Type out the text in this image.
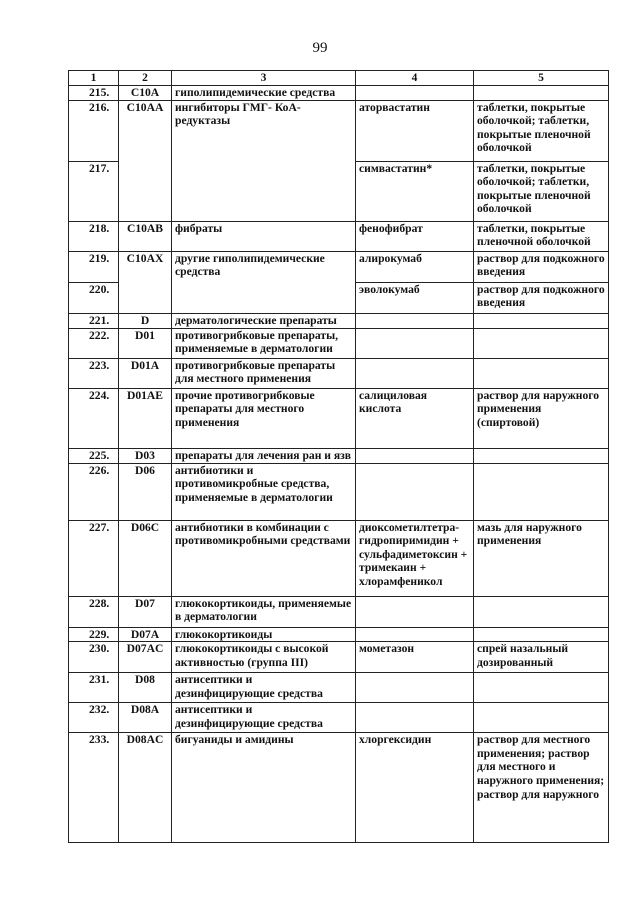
99
1	2	3	4	5
215.	C10A	гиполипидемические средства		
216.	C10AA	ингибиторы ГМГ- КоА-редуктазы	аторвастатин	таблетки, покрытые оболочкой; таблетки, покрытые пленочной оболочкой
217.			симвастатин*	таблетки, покрытые оболочкой; таблетки, покрытые пленочной оболочкой
218.	C10AB	фибраты	фенофибрат	таблетки, покрытые пленочной оболочкой
219.	C10AX	другие гиполипидемические средства	алирокумаб	раствор для подкожного введения
220.			эволокумаб	раствор для подкожного введения
221.	D	дерматологические препараты		
222.	D01	противогрибковые препараты, применяемые в дерматологии		
223.	D01A	противогрибковые препараты для местного применения		
224.	D01AE	прочие противогрибковые препараты для местного применения	салициловая кислота	раствор для наружного применения (спиртовой)
225.	D03	препараты для лечения ран и язв		
226.	D06	антибиотики и противомикробные средства, применяемые в дерматологии		
227.	D06C	антибиотики в комбинации с противомикробными средствами	диоксометилтетра-гидропиримидин + сульфадиметоксин + тримекаин + хлорамфеникол	мазь для наружного применения
228.	D07	глюкокортикоиды, применяемые в дерматологии		
229.	D07A	глюкокортикоиды		
230.	D07AC	глюкокортикоиды с высокой активностью (группа III)	мометазон	спрей назальный дозированный
231.	D08	антисептики и дезинфицирующие средства		
232.	D08A	антисептики и дезинфицирующие средства		
233.	D08AC	бигуаниды и амидины	хлоргексидин	раствор для местного применения; раствор для местного и наружного применения; раствор для наружного
